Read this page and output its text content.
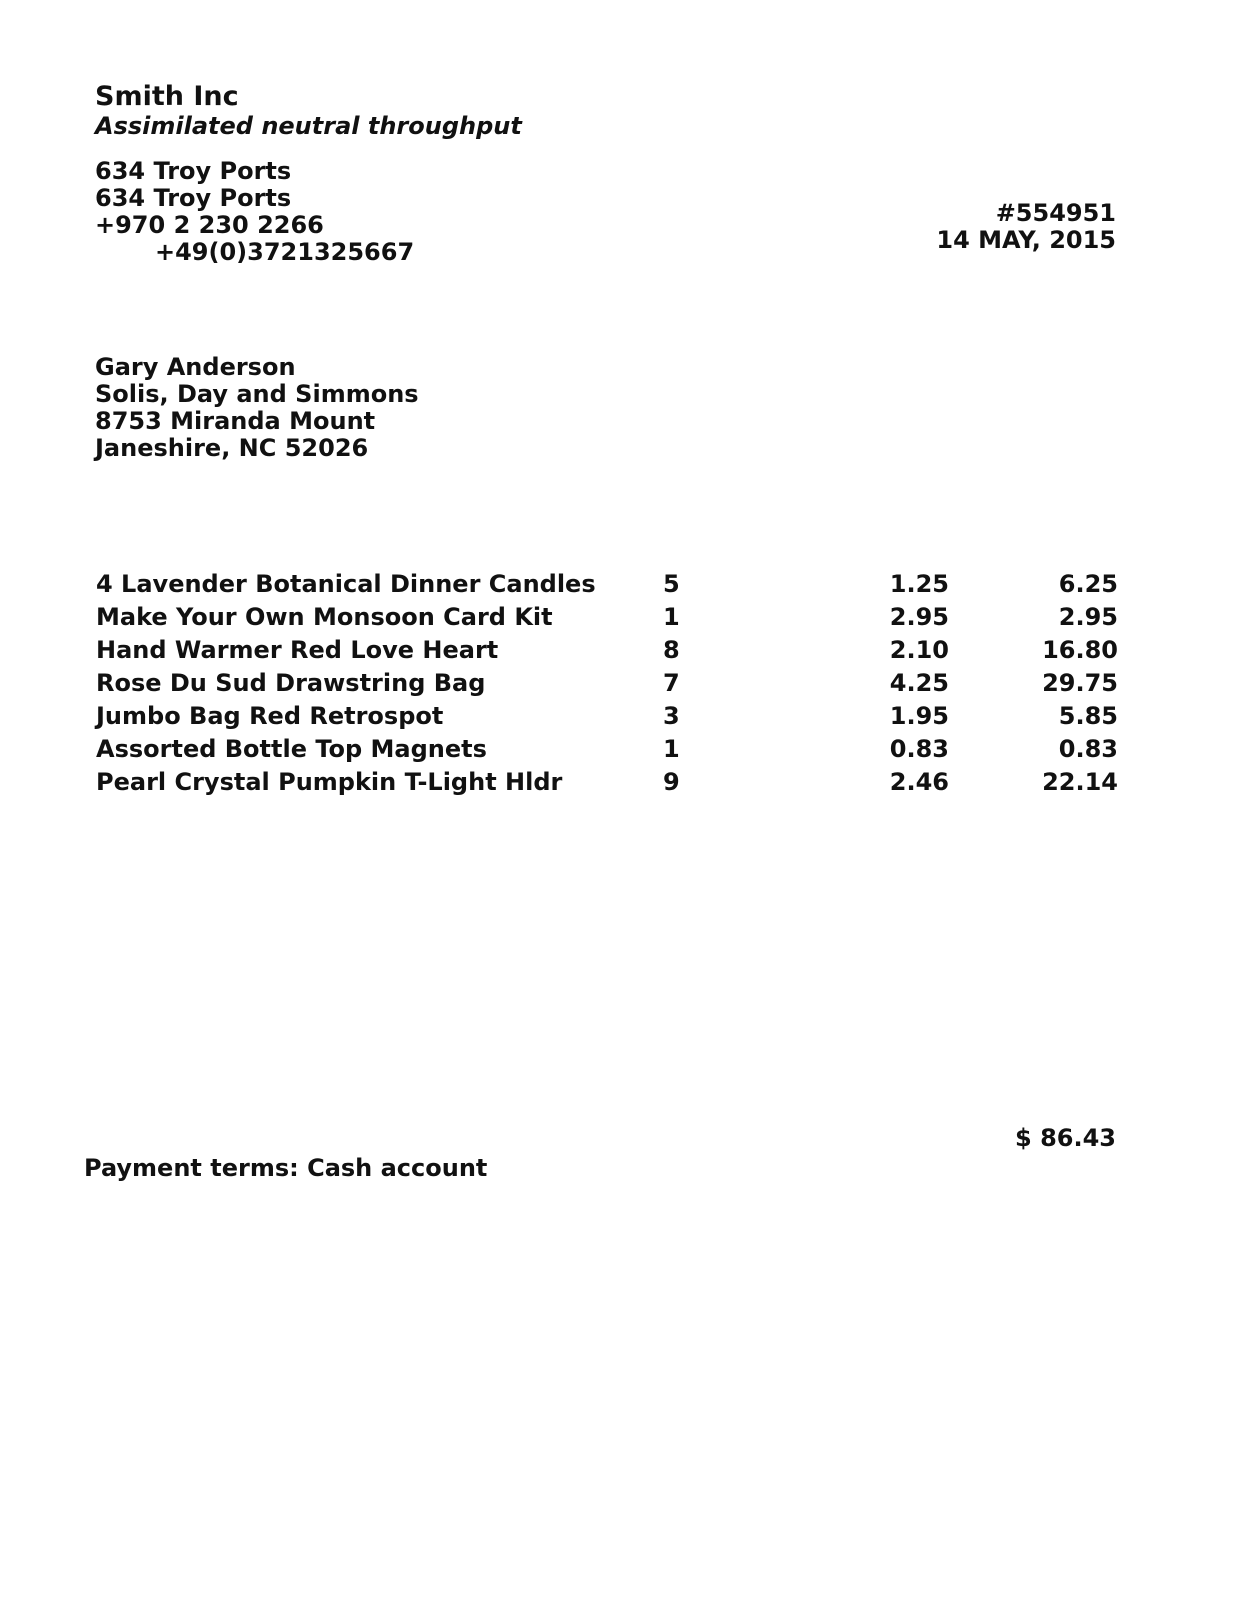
Smith Inc
Assimilated neutral throughput
634 Troy Ports
634 Troy Ports
+970 2 230 2266
+49(0)3721325667
#554951
14 MAY, 2015
Gary Anderson
Solis, Day and Simmons
8753 Miranda Mount
Janeshire, NC 52026
4 Lavender Botanical Dinner Candles	5	1.25	6.25
Make Your Own Monsoon Card Kit	1	2.95	2.95
Hand Warmer Red Love Heart	8	2.10	16.80
Rose Du Sud Drawstring Bag	7	4.25	29.75
Jumbo Bag Red Retrospot	3	1.95	5.85
Assorted Bottle Top Magnets	1	0.83	0.83
Pearl Crystal Pumpkin T-Light Hldr	9	2.46	22.14
$ 86.43
Payment terms: Cash account
